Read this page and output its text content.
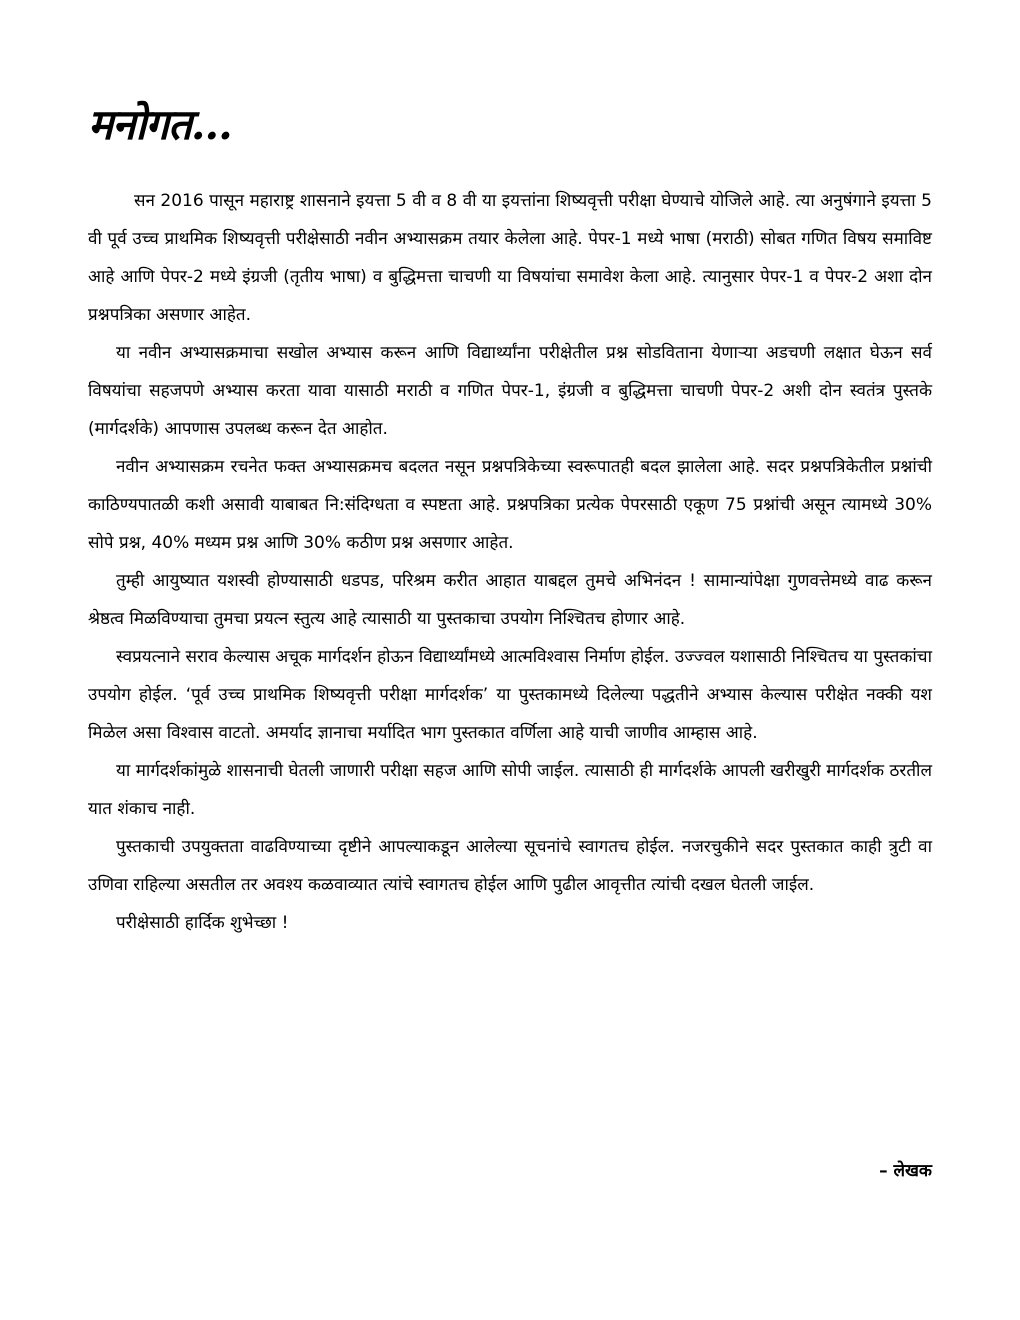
मनोगत...

सन 2016 पासून महाराष्ट्र शासनाने इयत्ता 5 वी व 8 वी या इयत्तांना शिष्यवृत्ती परीक्षा घेण्याचे योजिले आहे. त्या अनुषंगाने इयत्ता 5 वी पूर्व उच्च प्राथमिक शिष्यवृत्ती परीक्षेसाठी नवीन अभ्यासक्रम तयार केलेला आहे. पेपर-1 मध्ये भाषा (मराठी) सोबत गणित विषय समाविष्ट आहे आणि पेपर-2 मध्ये इंग्रजी (तृतीय भाषा) व बुद्धिमत्ता चाचणी या विषयांचा समावेश केला आहे. त्यानुसार पेपर-1 व पेपर-2 अशा दोन प्रश्नपत्रिका असणार आहेत.

या नवीन अभ्यासक्रमाचा सखोल अभ्यास करून आणि विद्यार्थ्यांना परीक्षेतील प्रश्न सोडविताना येणाऱ्या अडचणी लक्षात घेऊन सर्व विषयांचा सहजपणे अभ्यास करता यावा यासाठी मराठी व गणित पेपर-1, इंग्रजी व बुद्धिमत्ता चाचणी पेपर-2 अशी दोन स्वतंत्र पुस्तके (मार्गदर्शके) आपणास उपलब्ध करून देत आहोत.

नवीन अभ्यासक्रम रचनेत फक्त अभ्यासक्रमच बदलत नसून प्रश्नपत्रिकेच्या स्वरूपातही बदल झालेला आहे. सदर प्रश्नपत्रिकेतील प्रश्नांची काठिण्यपातळी कशी असावी याबाबत नि:संदिग्धता व स्पष्टता आहे. प्रश्नपत्रिका प्रत्येक पेपरसाठी एकूण 75 प्रश्नांची असून त्यामध्ये 30% सोपे प्रश्न, 40% मध्यम प्रश्न आणि 30% कठीण प्रश्न असणार आहेत.

तुम्ही आयुष्यात यशस्वी होण्यासाठी धडपड, परिश्रम करीत आहात याबद्दल तुमचे अभिनंदन ! सामान्यांपेक्षा गुणवत्तेमध्ये वाढ करून श्रेष्ठत्व मिळविण्याचा तुमचा प्रयत्न स्तुत्य आहे त्यासाठी या पुस्तकाचा उपयोग निश्चितच होणार आहे.

स्वप्रयत्नाने सराव केल्यास अचूक मार्गदर्शन होऊन विद्यार्थ्यांमध्ये आत्मविश्वास निर्माण होईल. उज्ज्वल यशासाठी निश्चितच या पुस्तकांचा उपयोग होईल. ‘पूर्व उच्च प्राथमिक शिष्यवृत्ती परीक्षा मार्गदर्शक’ या पुस्तकामध्ये दिलेल्या पद्धतीने अभ्यास केल्यास परीक्षेत नक्की यश मिळेल असा विश्वास वाटतो. अमर्याद ज्ञानाचा मर्यादित भाग पुस्तकात वर्णिला आहे याची जाणीव आम्हास आहे.

या मार्गदर्शकांमुळे शासनाची घेतली जाणारी परीक्षा सहज आणि सोपी जाईल. त्यासाठी ही मार्गदर्शके आपली खरीखुरी मार्गदर्शक ठरतील यात शंकाच नाही.

पुस्तकाची उपयुक्तता वाढविण्याच्या दृष्टीने आपल्याकडून आलेल्या सूचनांचे स्वागतच होईल. नजरचुकीने सदर पुस्तकात काही त्रुटी वा उणिवा राहिल्या असतील तर अवश्य कळवाव्यात त्यांचे स्वागतच होईल आणि पुढील आवृत्तीत त्यांची दखल घेतली जाईल.

परीक्षेसाठी हार्दिक शुभेच्छा !

– लेखक
